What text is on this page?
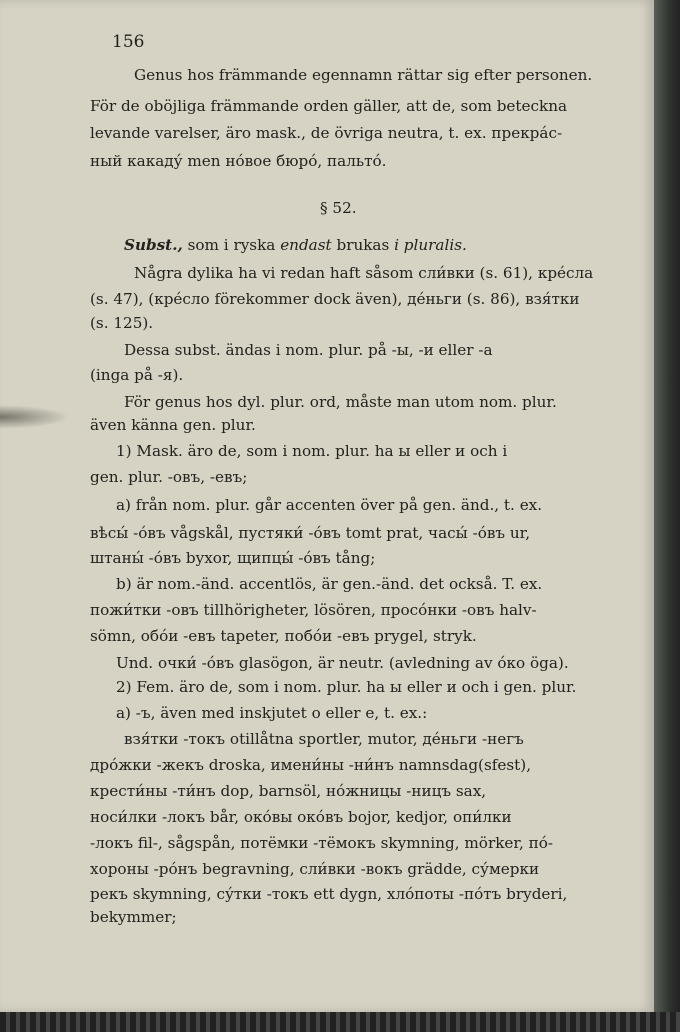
156
Genus hos främmande egennamn rättar sig efter personen.
För de oböjliga främmande orden gäller, att de, som beteckna
levande varelser, äro mask., de övriga neutra, t. ex. прекра́с-
ный какаду́ men но́вое бюро́, пальто́.
§ 52.
Subst., som i ryska endast brukas i pluralis.
Några dylika ha vi redan haft såsom сли́вки (s. 61), кре́сла
(s. 47), (кре́сло förekommer dock även), де́ньги (s. 86), взя́тки
(s. 125).
Dessa subst. ändas i nom. plur. på -ы, -и eller -а
(inga på -я).
För genus hos dyl. plur. ord, måste man utom nom. plur.
även känna gen. plur.
1) Mask. äro de, som i nom. plur. ha ы eller и och i
gen. plur. -овъ, -евъ;
a) från nom. plur. går accenten över på gen. änd., t. ex.
вѣсы́ -о́въ vågskål, пустяки́ -о́въ tomt prat, часы́ -о́въ ur,
штаны́ -о́въ byxor, щипцы́ -о́въ tång;
b) är nom.-änd. accentlös, är gen.-änd. det också. T. ex.
пожи́тки -овъ tillhörigheter, lösören, просо́нки -овъ halv-
sömn, обо́и -евъ tapeter, побо́и -евъ prygel, stryk.
Und. очки́ -о́въ glasögon, är neutr. (avledning av о́ко öga).
2) Fem. äro de, som i nom. plur. ha ы eller и och i gen. plur.
a) -ъ, även med inskjutet о eller е, t. ex.:
взя́тки -токъ otillåtna sportler, mutor, де́ньги -негъ
дро́жки -жекъ droska, имени́ны -ни́нъ namnsdag(sfest),
крести́ны -ти́нъ dop, barnsöl, но́жницы -ницъ sax,
носи́лки -локъ bår, око́вы око́въ bojor, kedjor, опи́лки
-локъ fil-, sågspån, потёмки -тёмокъ skymning, mörker, по́-
хороны -ро́нъ begravning, сли́вки -вокъ grädde, су́мерки
рекъ skymning, су́тки -токъ ett dygn, хло́поты -по́тъ bryderi,
bekymmer;
